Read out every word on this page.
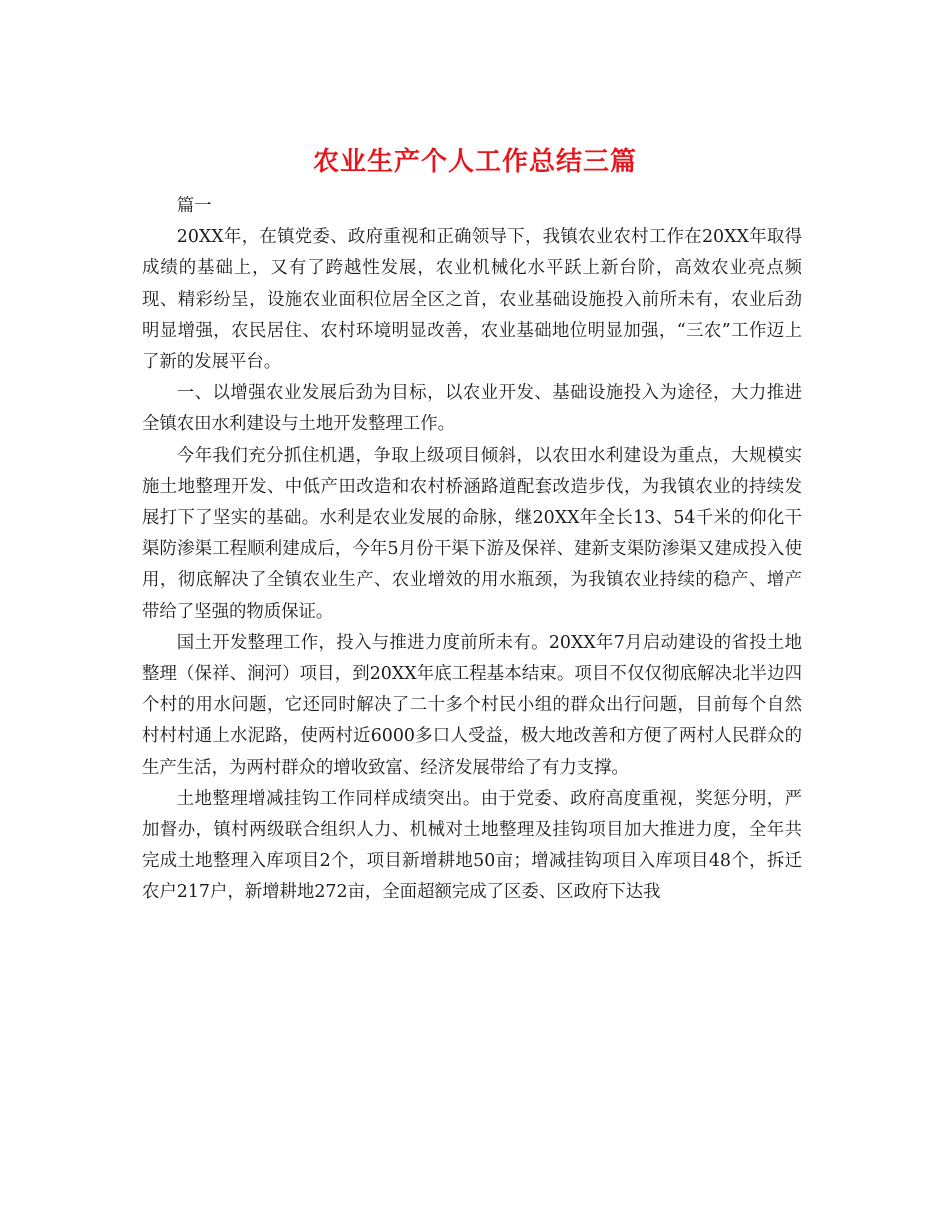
农业生产个人工作总结三篇

篇一

20XX年，在镇党委、政府重视和正确领导下，我镇农业农村工作在20XX年取得成绩的基础上，又有了跨越性发展，农业机械化水平跃上新台阶，高效农业亮点频现、精彩纷呈，设施农业面积位居全区之首，农业基础设施投入前所未有，农业后劲明显增强，农民居住、农村环境明显改善，农业基础地位明显加强，“三农”工作迈上了新的发展平台。

一、以增强农业发展后劲为目标，以农业开发、基础设施投入为途径，大力推进全镇农田水利建设与土地开发整理工作。

今年我们充分抓住机遇，争取上级项目倾斜，以农田水利建设为重点，大规模实施土地整理开发、中低产田改造和农村桥涵路道配套改造步伐，为我镇农业的持续发展打下了坚实的基础。水利是农业发展的命脉，继20XX年全长13、54千米的仰化干渠防渗渠工程顺利建成后，今年5月份干渠下游及保祥、建新支渠防渗渠又建成投入使用，彻底解决了全镇农业生产、农业增效的用水瓶颈，为我镇农业持续的稳产、增产带给了坚强的物质保证。

国土开发整理工作，投入与推进力度前所未有。20XX年7月启动建设的省投土地整理（保祥、涧河）项目，到20XX年底工程基本结束。项目不仅仅彻底解决北半边四个村的用水问题，它还同时解决了二十多个村民小组的群众出行问题，目前每个自然村村村通上水泥路，使两村近6000多口人受益，极大地改善和方便了两村人民群众的生产生活，为两村群众的增收致富、经济发展带给了有力支撑。

土地整理增减挂钩工作同样成绩突出。由于党委、政府高度重视，奖惩分明，严加督办，镇村两级联合组织人力、机械对土地整理及挂钩项目加大推进力度，全年共完成土地整理入库项目2个，项目新增耕地50亩；增减挂钩项目入库项目48个，拆迁农户217户，新增耕地272亩，全面超额完成了区委、区政府下达我
